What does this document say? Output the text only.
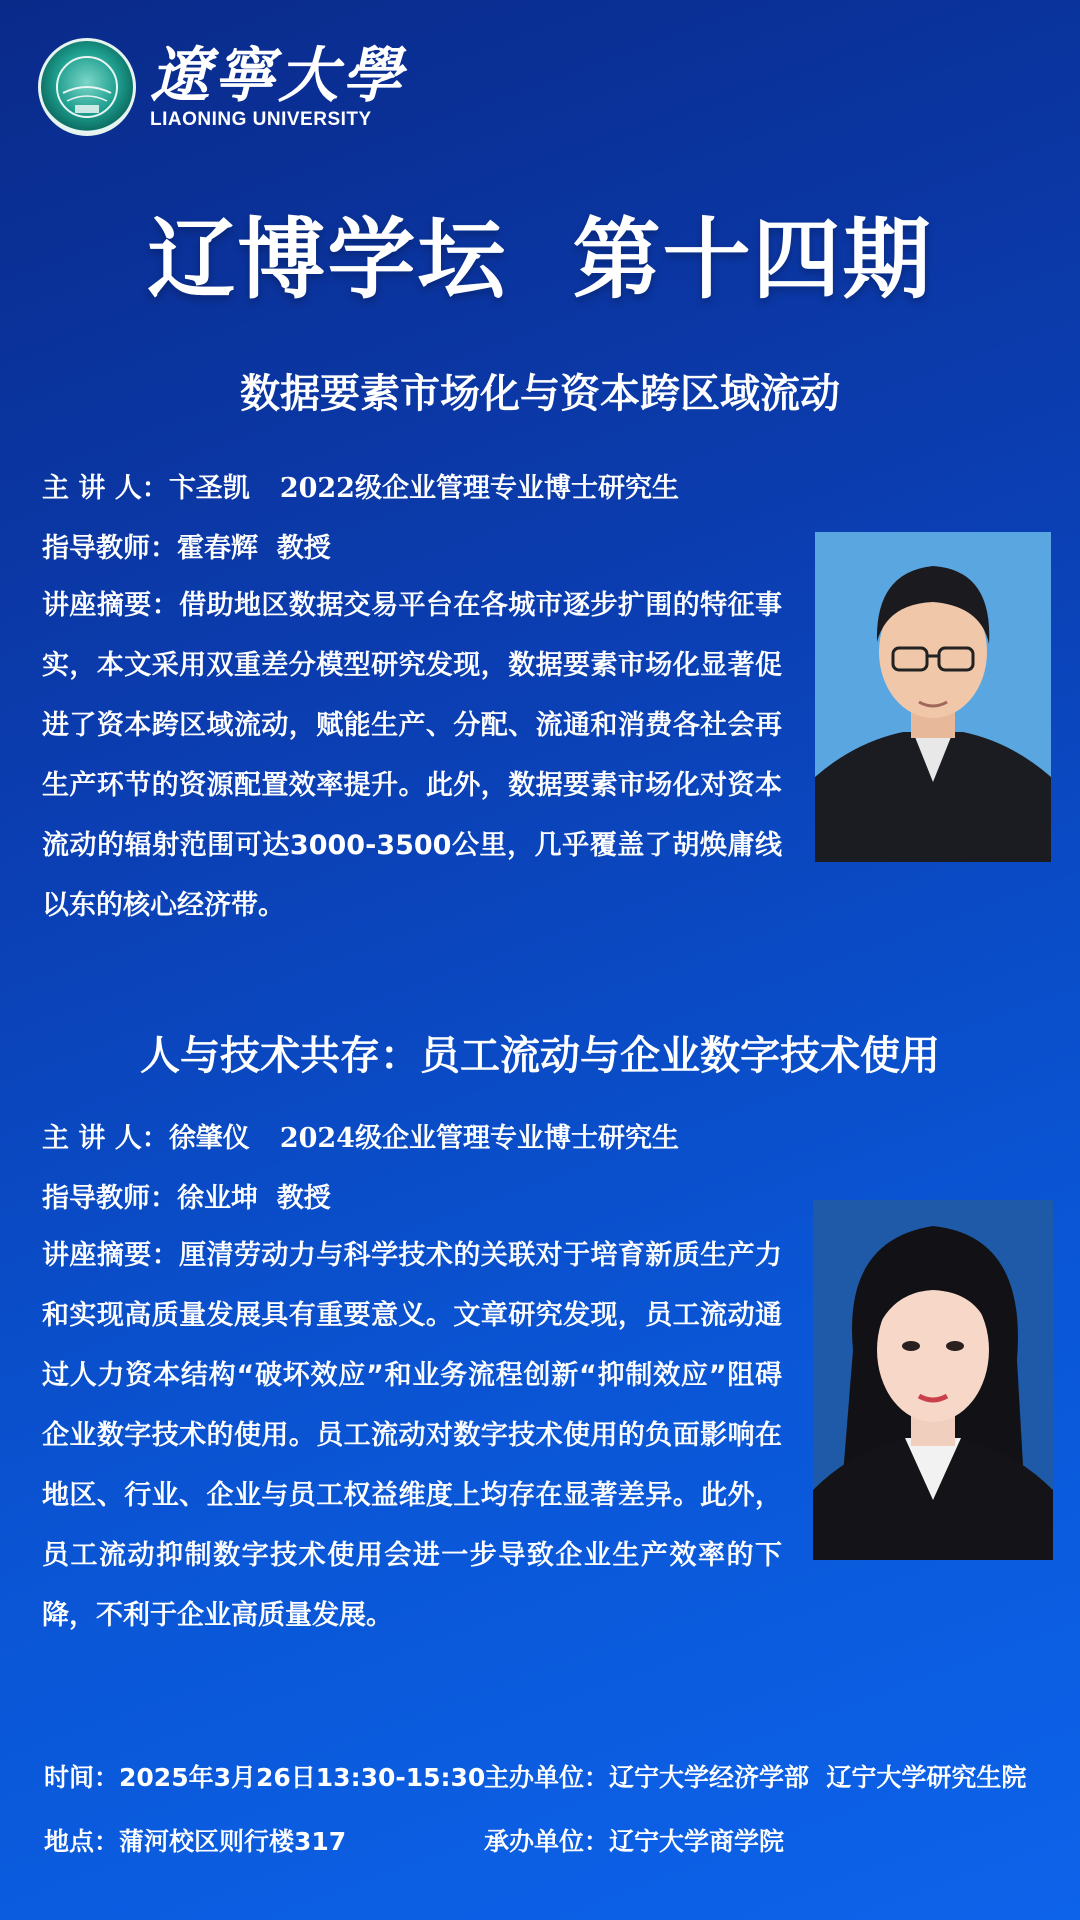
遼寧大學
LIAONING UNIVERSITY
辽博学坛  第十四期
数据要素市场化与资本跨区域流动
主 讲 人：卞圣凯 2022级企业管理专业博士研究生
指导教师：霍春辉  教授
讲座摘要：借助地区数据交易平台在各城市逐步扩围的特征事实，本文采用双重差分模型研究发现，数据要素市场化显著促进了资本跨区域流动，赋能生产、分配、流通和消费各社会再生产环节的资源配置效率提升。此外，数据要素市场化对资本流动的辐射范围可达3000-3500公里，几乎覆盖了胡焕庸线以东的核心经济带。
人与技术共存：员工流动与企业数字技术使用
主 讲 人：徐肇仪 2024级企业管理专业博士研究生
指导教师：徐业坤  教授
讲座摘要：厘清劳动力与科学技术的关联对于培育新质生产力和实现高质量发展具有重要意义。文章研究发现，员工流动通过人力资本结构“破坏效应”和业务流程创新“抑制效应”阻碍企业数字技术的使用。员工流动对数字技术使用的负面影响在地区、行业、企业与员工权益维度上均存在显著差异。此外，员工流动抑制数字技术使用会进一步导致企业生产效率的下降，不利于企业高质量发展。
时间：2025年3月26日13:30-15:30
主办单位：辽宁大学经济学部  辽宁大学研究生院
地点：蒲河校区则行楼317	承办单位：辽宁大学商学院
